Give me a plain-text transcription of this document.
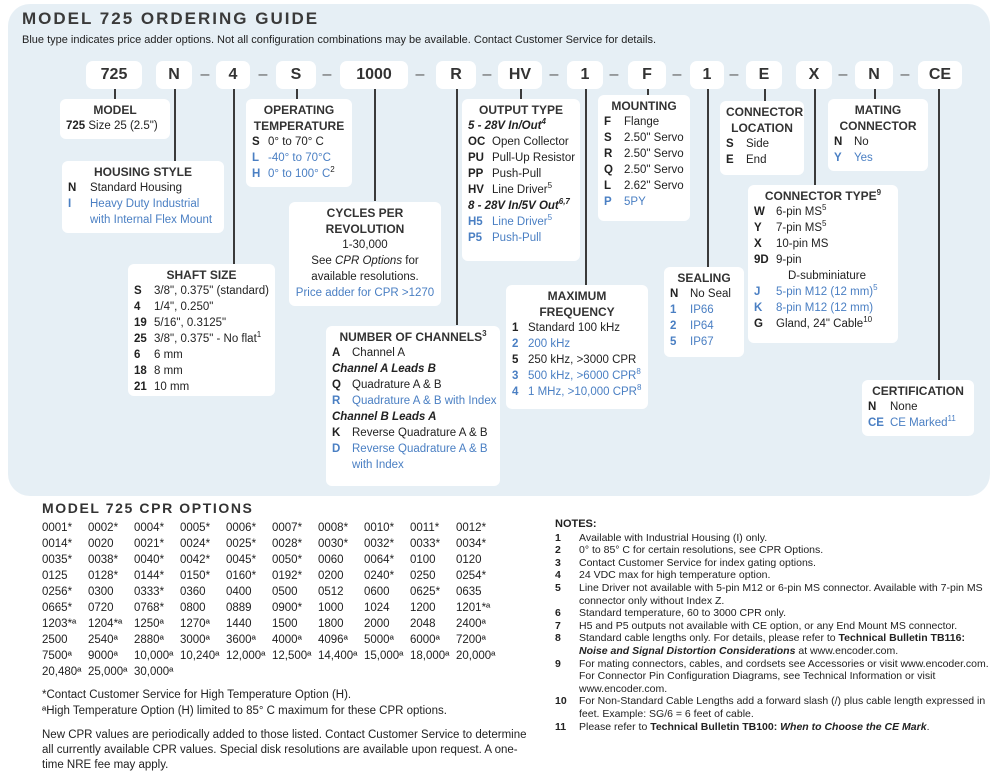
MODEL 725 ORDERING GUIDE
Blue type indicates price adder options. Not all configuration combinations may be available. Contact Customer Service for details.
725	N	–	4	–	S	–	1000	–	R	–	HV	–	1	–	F	–	1	–	E	X	–	N	–	CE
MODEL
725 Size 25 (2.5")
HOUSING STYLE
N Standard Housing
I Heavy Duty Industrial
with Internal Flex Mount
SHAFT SIZE
S 3/8", 0.375" (standard)
4 1/4", 0.250"
19 5/16", 0.3125"
25 3/8", 0.375" - No flat$^1$
6 6 mm
18 8 mm
21 10 mm
OPERATING
TEMPERATURE
S 0° to 70° C
L -40° to 70°C
H 0° to 100° $C^2$
CYCLES PER
REVOLUTION
1-30,000
See CPR Options for
available resolutions.
Price adder for CPR >1270
NUMBER OF CHANNELS$^3$
A Channel A
Channel A Leads B
Q Quadrature A & B
R Quadrature A & B with Index
Channel B Leads A
K Reverse Quadrature A & B
D Reverse Quadrature A & B
with Index
OUTPUT TYPE
5 - 28V In/Out$^4$
OC Open Collector
PU Pull-Up Resistor
PP Push-Pull
HV Line Driver$^5$
8 - 28V In/5V Out$^{6,7}$
H5 Line Driver$^5$
P5 Push-Pull
MAXIMUM
FREQUENCY
1 Standard 100 kHz
2 200 kHz
5 250 kHz, >3000 CPR
3 500 kHz, >6000 CPR$^8$
4 1 MHz, >10,000 CPR$^8$
MOUNTING
F Flange
S 2.50" Servo
R 2.50" Servo
Q 2.50" Servo
L 2.62" Servo
P 5PY
SEALING
N No Seal
1 IP66
2 IP64
5 IP67
CONNECTOR
LOCATION
S Side
E End
MATING
CONNECTOR
N No
Y Yes
CONNECTOR TYPE$^9$
W 6-pin $MS^5$
Y 7-pin $MS^5$
X 10-pin MS
9D 9-pin
D-subminiature
J 5-pin M12 (12 mm)$^5$
K 8-pin M12 (12 mm)
G Gland, 24" Cable$^{10}$
CERTIFICATION
N None
CE CE Marked$^{11}$
MODEL 725 CPR OPTIONS
0001*	0002*	0004*	0005*	0006*	0007*	0008*	0010*	0011*	0012*
0014*	0020	0021*	0024*	0025*	0028*	0030*	0032*	0033*	0034*
0035*	0038*	0040*	0042*	0045*	0050*	0060	0064*	0100	0120
0125	0128*	0144*	0150*	0160*	0192*	0200	0240*	0250	0254*
0256*	0300	0333*	0360	0400	0500	0512	0600	0625*	0635
0665*	0720	0768*	0800	0889	0900*	1000	1024	1200	1201*ª
1203*ª	1204*ª	1250ª	1270ª	1440	1500	1800	2000	2048	2400ª
2500	2540ª	2880ª	3000ª	3600ª	4000ª	4096ª	5000ª	6000ª	7200ª
7500ª	9000ª	10,000ª 10,240ª 12,000ª 12,500ª 14,400ª 15,000ª 18,000ª 20,000ª
20,480ª 25,000ª 30,000ª
*Contact Customer Service for High Temperature Option (H).
ªHigh Temperature Option (H) limited to 85° C maximum for these CPR options.
New CPR values are periodically added to those listed. Contact Customer Service to determine
all currently available CPR values. Special disk resolutions are available upon request. A one-
time NRE fee may apply.
NOTES:
1	Available with Industrial Housing (I) only.
2	0° to 85° C for certain resolutions, see CPR Options.
3	Contact Customer Service for index gating options.
4	24 VDC max for high temperature option.
5	Line Driver not available with 5-pin M12 or 6-pin MS connector. Available with 7-pin MS connector only without Index Z.
6	Standard temperature, 60 to 3000 CPR only.
7	H5 and P5 outputs not available with CE option, or any End Mount MS connector.
8	Standard cable lengths only. For details, please refer to Technical Bulletin TB116: Noise and Signal Distortion Considerations at www.encoder.com.
9	For mating connectors, cables, and cordsets see Accessories or visit www.encoder.com. For Connector Pin Configuration Diagrams, see Technical Information or visit www.encoder.com.
10	For Non-Standard Cable Lengths add a forward slash (/) plus cable length expressed in feet. Example: SG/6 = 6 feet of cable.
11	Please refer to Technical Bulletin TB100: When to Choose the CE Mark.
